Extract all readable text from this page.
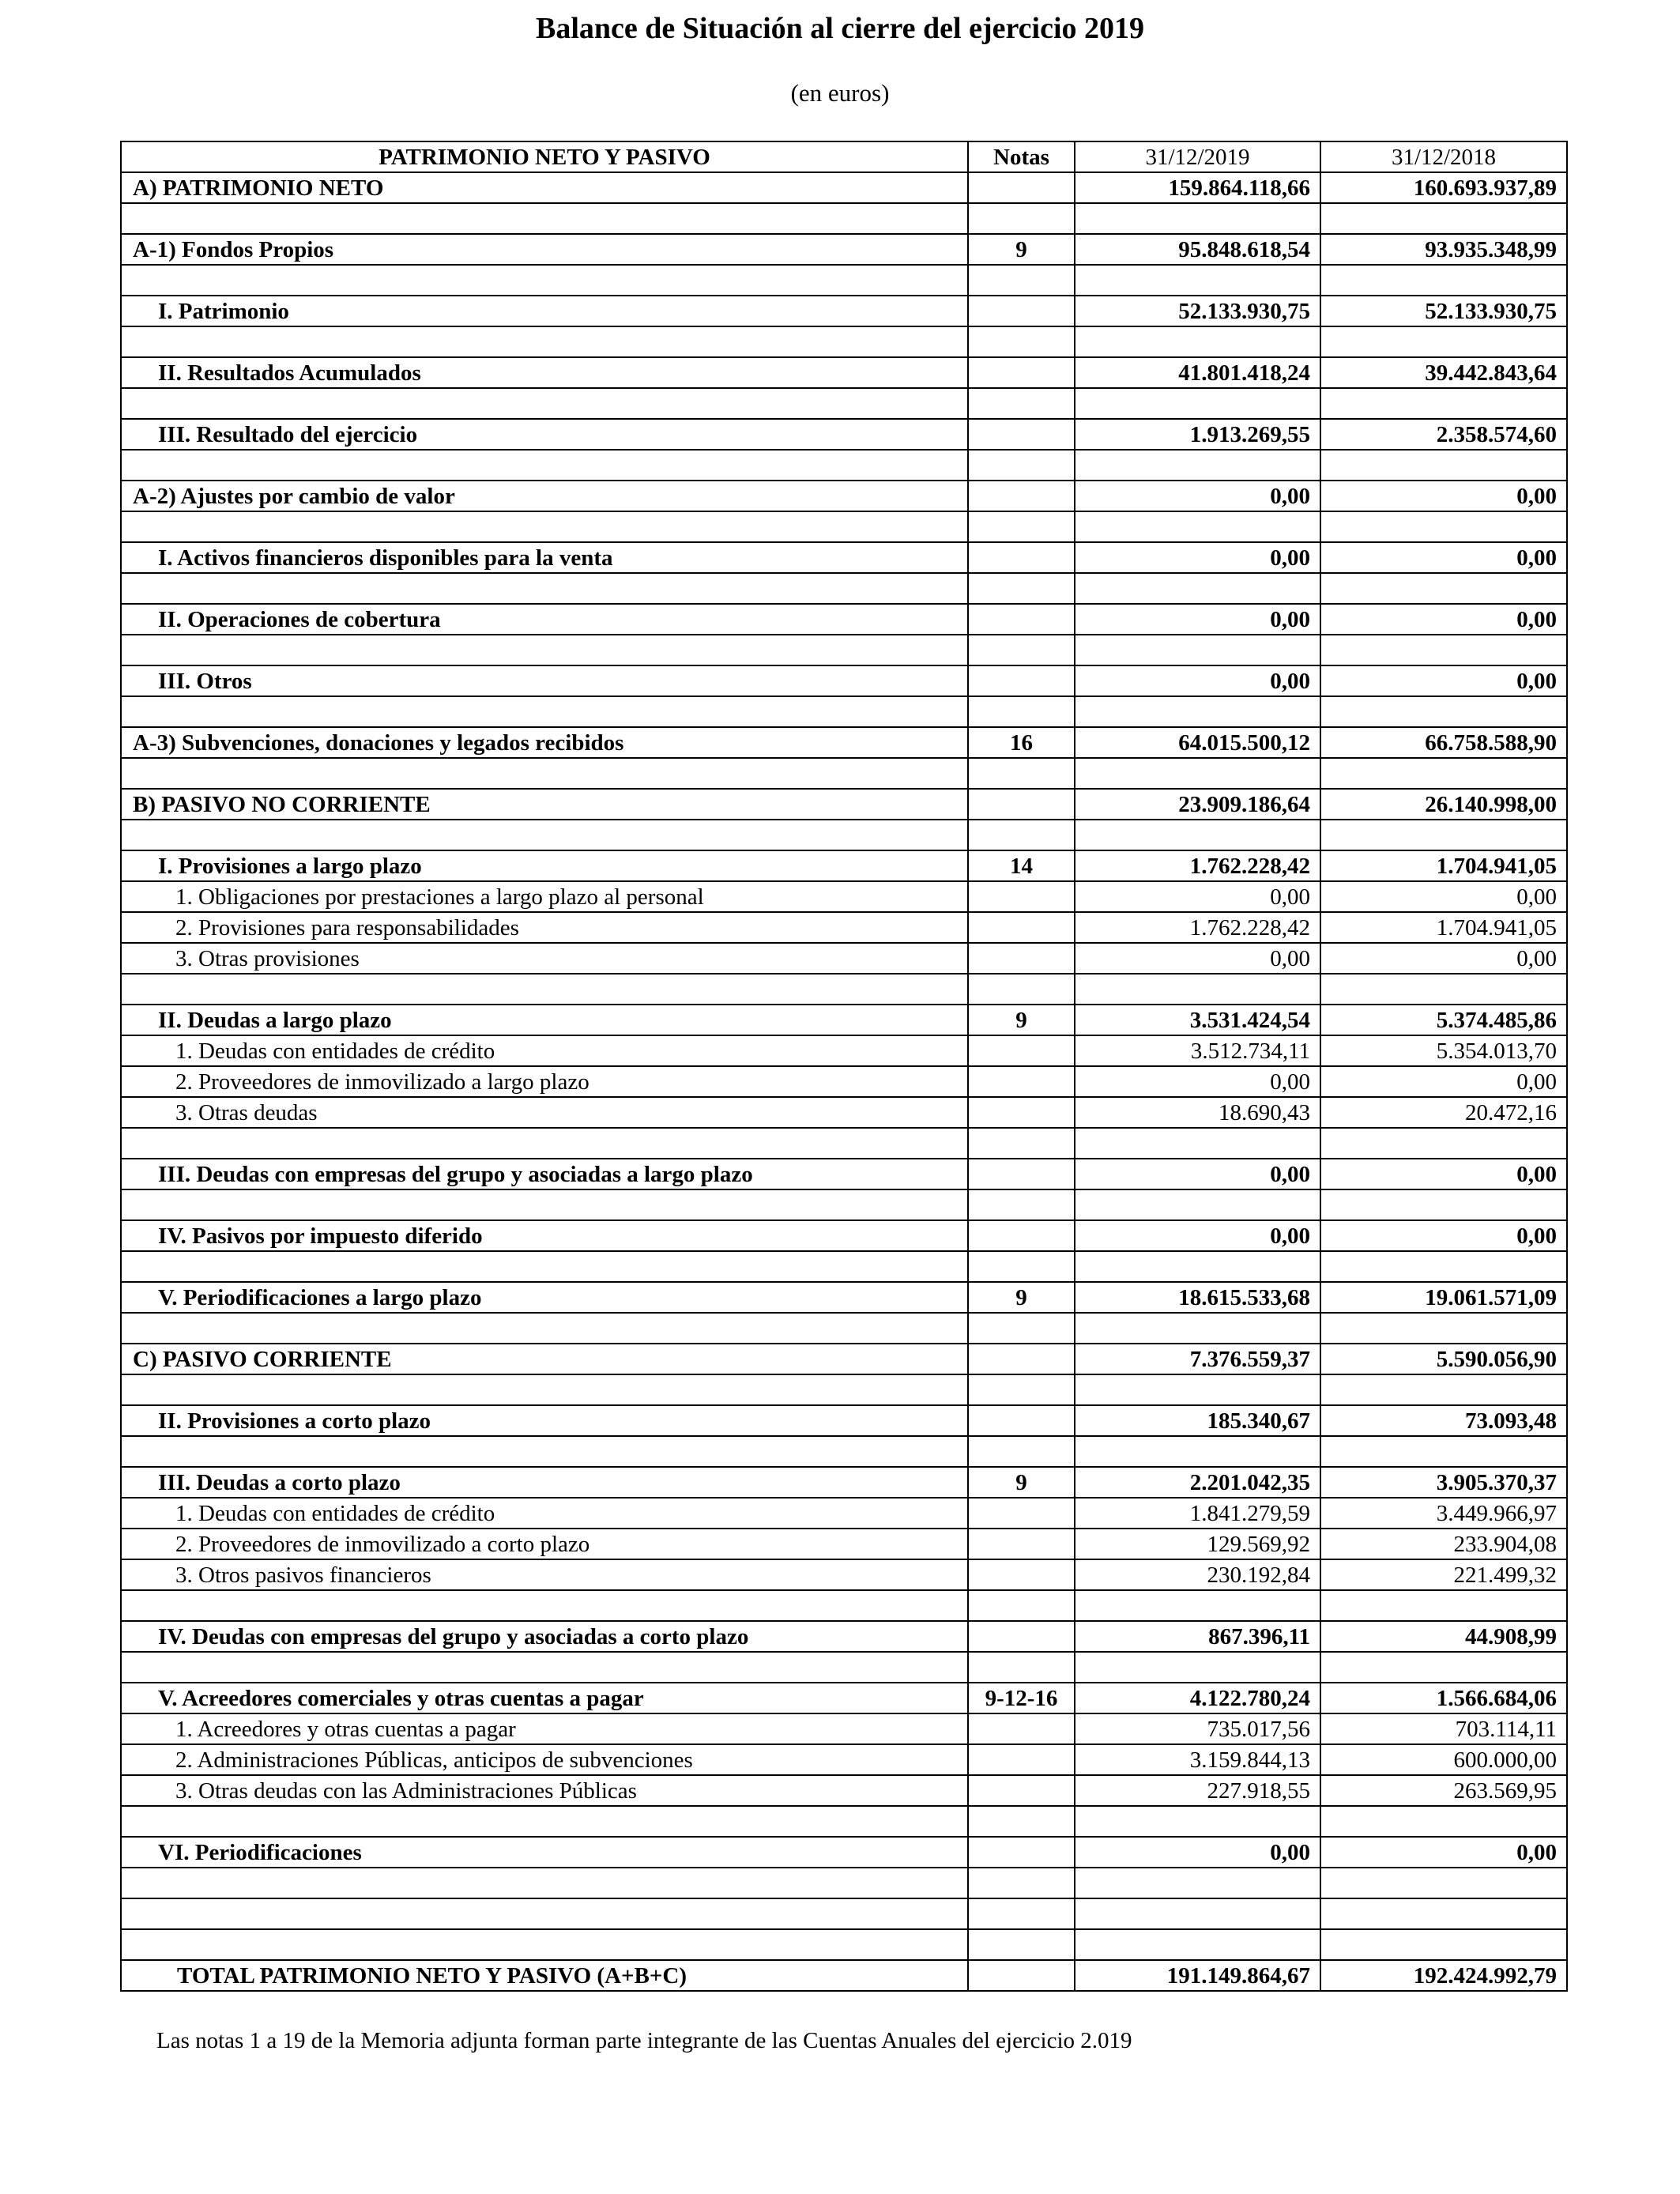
Balance de Situación al cierre del ejercicio 2019
(en euros)
PATRIMONIO NETO Y PASIVO	Notas	31/12/2019	31/12/2018
A) PATRIMONIO NETO		159.864.118,66	160.693.937,89

A-1) Fondos Propios	9	95.848.618,54	93.935.348,99

I. Patrimonio		52.133.930,75	52.133.930,75

II. Resultados Acumulados		41.801.418,24	39.442.843,64

III. Resultado del ejercicio		1.913.269,55	2.358.574,60

A-2) Ajustes por cambio de valor		0,00	0,00

I. Activos financieros disponibles para la venta		0,00	0,00

II. Operaciones de cobertura		0,00	0,00

III. Otros		0,00	0,00

A-3) Subvenciones, donaciones y legados recibidos	16	64.015.500,12	66.758.588,90

B) PASIVO NO CORRIENTE		23.909.186,64	26.140.998,00

I. Provisiones a largo plazo	14	1.762.228,42	1.704.941,05
1. Obligaciones por prestaciones a largo plazo al personal		0,00	0,00
2. Provisiones para responsabilidades		1.762.228,42	1.704.941,05
3. Otras provisiones		0,00	0,00

II. Deudas a largo plazo	9	3.531.424,54	5.374.485,86
1. Deudas con entidades de crédito		3.512.734,11	5.354.013,70
2. Proveedores de inmovilizado a largo plazo		0,00	0,00
3. Otras deudas		18.690,43	20.472,16

III. Deudas con empresas del grupo y asociadas a largo plazo		0,00	0,00

IV. Pasivos por impuesto diferido		0,00	0,00

V. Periodificaciones a largo plazo	9	18.615.533,68	19.061.571,09

C) PASIVO CORRIENTE		7.376.559,37	5.590.056,90

II. Provisiones a corto plazo		185.340,67	73.093,48

III. Deudas a corto plazo	9	2.201.042,35	3.905.370,37
1. Deudas con entidades de crédito		1.841.279,59	3.449.966,97
2. Proveedores de inmovilizado a corto plazo		129.569,92	233.904,08
3. Otros pasivos financieros		230.192,84	221.499,32

IV. Deudas con empresas del grupo y asociadas a corto plazo		867.396,11	44.908,99

V. Acreedores comerciales y otras cuentas a pagar	9-12-16	4.122.780,24	1.566.684,06
1. Acreedores y otras cuentas a pagar		735.017,56	703.114,11
2. Administraciones Públicas, anticipos de subvenciones		3.159.844,13	600.000,00
3. Otras deudas con las Administraciones Públicas		227.918,55	263.569,95

VI. Periodificaciones		0,00	0,00

TOTAL PATRIMONIO NETO Y PASIVO (A+B+C)		191.149.864,67	192.424.992,79
Las notas 1 a 19 de la Memoria adjunta forman parte integrante de las Cuentas Anuales del ejercicio 2.019
